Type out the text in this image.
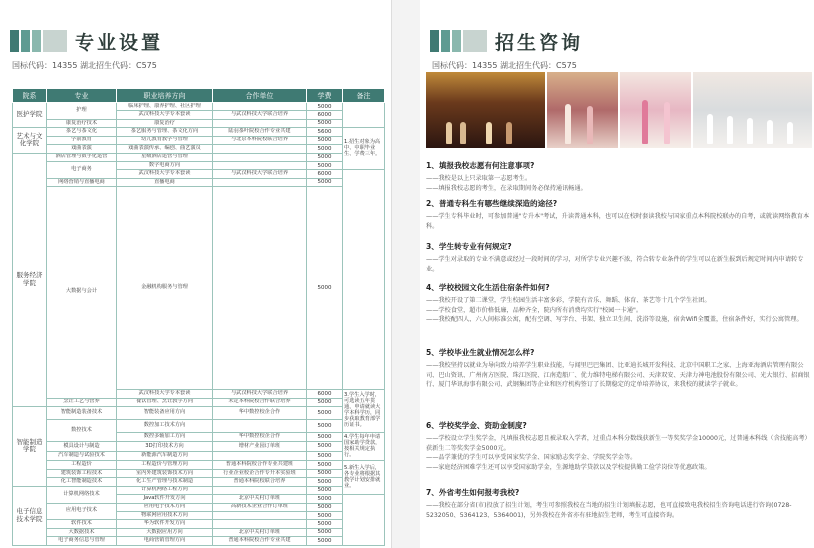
专业设置
国标代码：14355 湖北招生代码：C575
院系	专业	职业培养方向	合作单位	学费	备注	
医护学院	护理	临床护理、康养护理、社区护理		5000		
		武汉科技大学专本套读	与武汉科技大学联合培养	6000		
	康复治疗技术	康复治疗		5000		
艺术与文化学院	茶艺与茶文化	茶艺服务与管理、茶文化方向	陆羽茶叶院校合作专业共建	5600	1.招生对象为高中、中职毕业生、学费三年。	
	学前教育	幼儿教育教学与管理	与北京本科院校联合培养	5000		
	戏曲表演	戏曲表演传承、编创、曲艺演员		5000		
服务经济学院	酒店管理与数字化运营	星级酒店运营与管理		5000		
	电子商务	数字电商方向		5000	
		武汉科技大学专本套读	与武汉科技大学联合培养	6000		
	网络营销与直播电商	直播电商		5000		
	大数据与会计	金融机构服务与管理		5000		
		武汉科技大学专本套读	与武汉科技大学联合培养	6000	3.学生入学时，可选读五年贯通，申请就读大学本科学历，同步获取教育部学历证书。	
	烹饪工艺与营养	餐饮管理、烹饪教学方向	未定本科院校合作联合培养	5000		
智能制造学院	智能制造装备技术	智能装备应用方向	华中数控校企合作	5000		
	数控技术	数控加工技术方向		5000		
		数控多轴加工方向	华中数控校企合作	5000	4.学生每年申请国家助学贷款，按相关规定执行。	
	模具设计与制造	3D打印技术方向	增材产业园订单班	5000		
	汽车制造与试验技术	新能源汽车制造方向		5000		
	工程造价	工程造价与管理方向	普通本科院校合作专业共建班	5000	5.新生入学后，各专业将根据其教学计划安排就业。	
	建筑装饰工程技术	室内外建筑装饰技术方向	行业企业校企合作专升本实验班	5000		
	化工智能制造技术	化工生产管理与技术制造	普通本科院校联合培养	5000		
电子信息技术学院	计算机网络技术	计算机网络工程方向		5000		
		Java软件开发方向	北京中关村订单班	5000		
	应用电子技术	应用电子技术方向	高新技术企业合作订单班	5000		
		物联网应用技术方向		5000		
	软件技术	华为软件开发方向		5000		
	大数据技术	大数据应用方向	北京中关村订单班	5000		
	电子商务信息与管理	电商营销管理方向	普通本科院校合作专业共建	5000		
招生咨询
国标代码：14355 湖北招生代码：C575
1、填报我校志愿有何注意事项?
——我校是以上只录取第一志愿考生。
——填报我校志愿的考生，在录取期间务必保持通讯畅通。
2、普通专科生有哪些继续深造的途径?
——学生专科毕业时，可参加普通"专升本"考试，升读普通本科，也可以在校时套读我校与国家重点本科院校联办的自考，或就读网络教育本科。
3、学生转专业有何规定?
——学生对录取的专业不满意或经过一段时间的学习，对所学专业兴趣不浓，符合转专业条件的学生可以在新生报到后规定时间内申请转专业。
4、学校校园文化生活住宿条件如何?
——我校开设了第二课堂，学生校园生活丰富多彩，学院有音乐、舞蹈、体育、茶艺等十几个学生社团。
——学校食堂，超市价格低廉，品种齐全，院内所有消费均实行"校园一卡通"。
——我校配四人、六人间标准公寓，配有空调、写字台、书架、独立卫生间、洗浴等设施，宿舍Wifi全覆盖，住宿条件好，实行公寓管理。
5、学校毕业生就业情况怎么样?
——我校坚持以就业为导向致力培养学生职业技能，与闻里巴巴集团、比亚迪长城开发科技、北京中国职工之家、上海亚海酒店管理有限公司、巴山资讯、广州南方医院、珠江医院、江南造船厂、优力维特电梯有限公司、天津双安、天津力神电池股份有限公司、光大银行、招商银行、厦门华讯海事有限公司、武钢集团等企业和医疗机构签订了长期稳定的定单培养协议，来我校的就读学子就业。
6、学校奖学金、资助金制度?
——学校设立学生奖学金，凡填报我校志愿且被录取入学者，过重点本科分数线获新生一等奖奖学金10000元，过普通本科线（含技能高考）获新生二等奖奖学金5000元。
——品学兼优的学生可以享受国家奖学金、国家励志奖学金、学院奖学金等。
——家庭经济困难学生还可以享受国家助学金，生源地助学贷款以及学校提供勤工俭学岗位等优惠政策。
7、外省考生如何报考我校?
——我校在部分省(市)投放了招生计划，考生可参照我校在当地的招生计划填报志愿，也可直接致电我校招生咨询电话进行咨询(0728-5232050、5364123、5364001)，另外我校在外省亦有驻地招生老师，考生可直接咨询。
